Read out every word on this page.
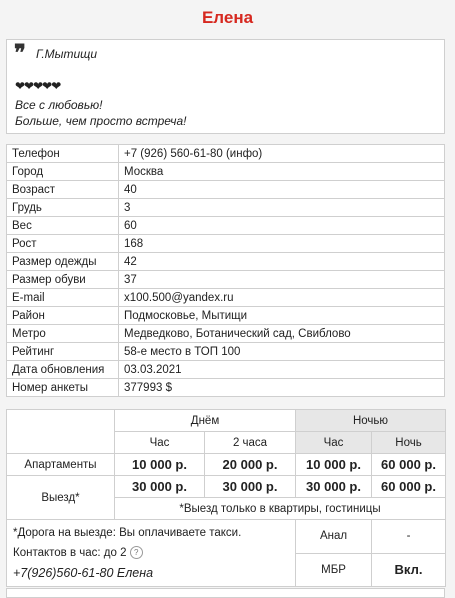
Елена
❞ Г.Мытищи
❤❤❤❤❤
Все с любовью!
Больше, чем просто встреча!
Телефон	+7 (926) 560-61-80 (инфо)
Город	Москва
Возраст	40
Грудь	3
Вес	60
Рост	168
Размер одежды	42
Размер обуви	37
E-mail	x100.500@yandex.ru
Район	Подмосковье, Мытищи
Метро	Медведково, Ботанический сад, Свиблово
Рейтинг	58-е место в ТОП 100
Дата обновления	03.03.2021
Номер анкеты	377993 $
	Днём		Ночью	
	Час	2 часа	Час	Ночь
Апартаменты	10 000 р.	20 000 р.	10 000 р.	60 000 р.
Выезд*	30 000 р.	30 000 р.	30 000 р.	60 000 р.
	*Выезд только в квартиры, гостиницы			

*Дорога на выезде: Вы оплачиваете такси.
Контактов в час: до 2 ?
+7(926)560-61-80 Елена			Анал	-
			МБР	Вкл.
